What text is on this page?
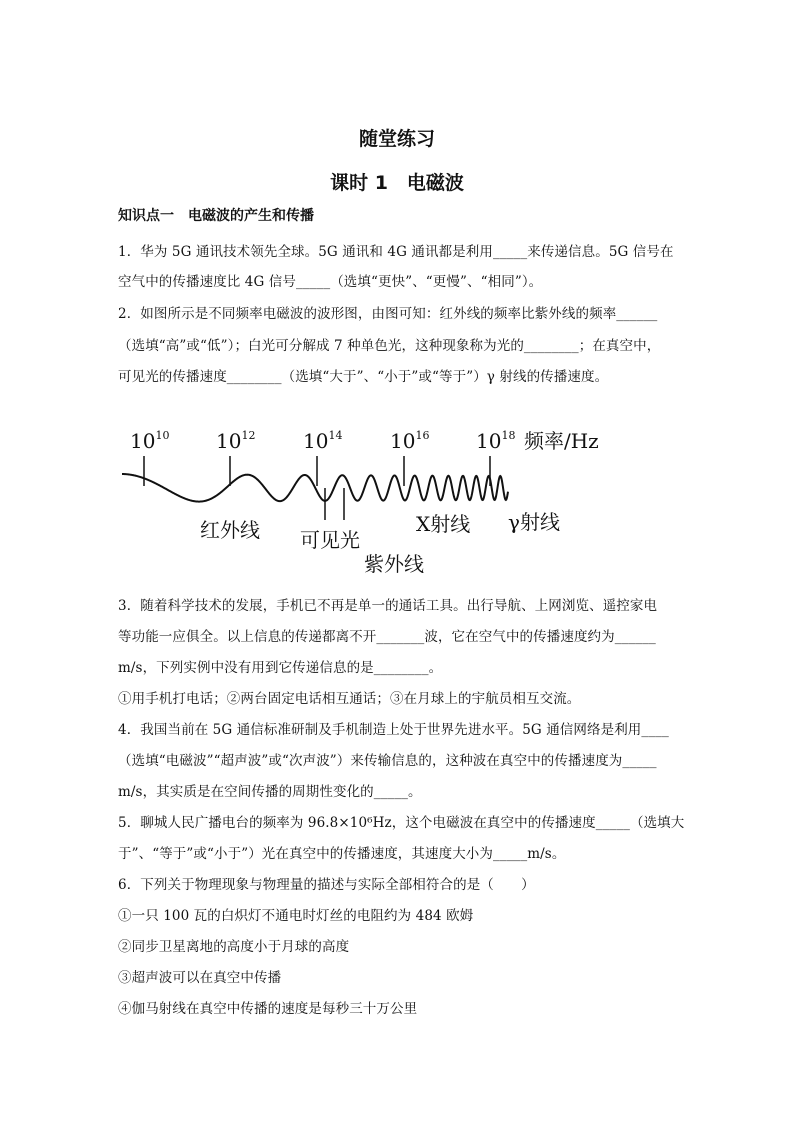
随堂练习
课时 1　电磁波
知识点一　电磁波的产生和传播
1．华为 5G 通讯技术领先全球。5G 通讯和 4G 通讯都是利用_____来传递信息。5G 信号在
空气中的传播速度比 4G 信号_____（选填“更快”、“更慢”、“相同”）。
2．如图所示是不同频率电磁波的波形图，由图可知：红外线的频率比紫外线的频率______
（选填“高”或“低”）；白光可分解成 7 种单色光，这种现象称为光的________；在真空中，
可见光的传播速度________（选填“大于”、“小于”或“等于”）γ 射线的传播速度。
$10^{10}$ $10^{12}$ $10^{14}$ $10^{16}$ $10^{18}$ 频率/Hz
红外线 可见光
紫外线
X射线 γ射线
3．随着科学技术的发展，手机已不再是单一的通话工具。出行导航、上网浏览、遥控家电
等功能一应俱全。以上信息的传递都离不开_______波，它在空气中的传播速度约为______
m/s，下列实例中没有用到它传递信息的是________。
①用手机打电话；②两台固定电话相互通话；③在月球上的宇航员相互交流。
4．我国当前在 5G 通信标准研制及手机制造上处于世界先进水平。5G 通信网络是利用____
（选填“电磁波”“超声波”或“次声波”）来传输信息的，这种波在真空中的传播速度为_____
m/s，其实质是在空间传播的周期性变化的_____。
5．聊城人民广播电台的频率为 96.8×10⁶Hz，这个电磁波在真空中的传播速度_____（选填大
于”、“等于”或“小于”）光在真空中的传播速度，其速度大小为_____m/s。
6．下列关于物理现象与物理量的描述与实际全部相符合的是（　　）
①一只 100 瓦的白炽灯不通电时灯丝的电阻约为 484 欧姆
②同步卫星离地的高度小于月球的高度
③超声波可以在真空中传播
④伽马射线在真空中传播的速度是每秒三十万公里
